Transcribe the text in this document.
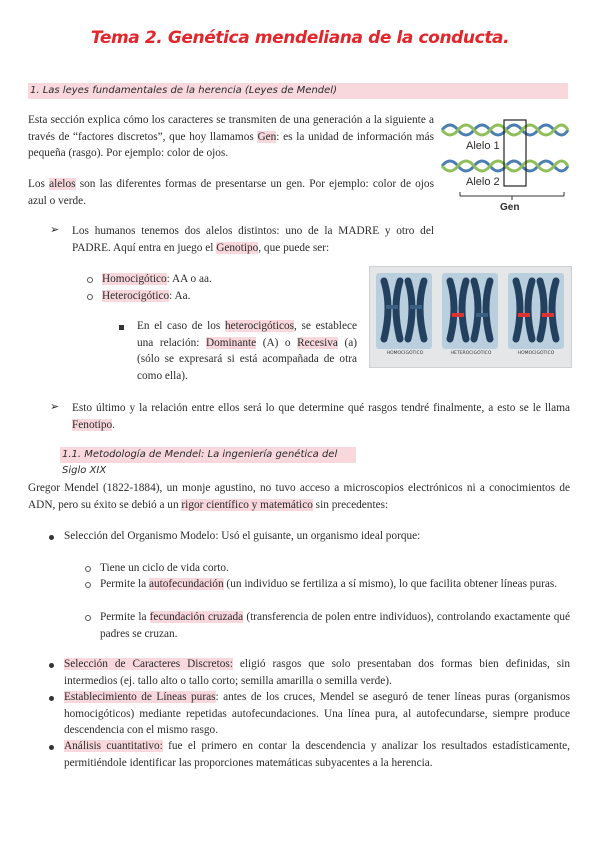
Tema 2. Genética mendeliana de la conducta.
1. Las leyes fundamentales de la herencia (Leyes de Mendel)
Esta sección explica cómo los caracteres se transmiten de una generación a la siguiente a través de “factores discretos”, que hoy llamamos Gen: es la unidad de información más pequeña (rasgo). Por ejemplo: color de ojos.
Los alelos son las diferentes formas de presentarse un gen. Por ejemplo: color de ojos azul o verde.
Alelo 1
Alelo 2
Gen
➢ Los humanos tenemos dos alelos distintos: uno de la MADRE y otro del PADRE. Aquí entra en juego el Genotipo, que puede ser:
Homocigótico: AA o aa.
Heterocigótico: Aa.
En el caso de los heterocigóticos, se establece una relación: Dominante (A) o Recesiva (a) (sólo se expresará si está acompañada de otra como ella).
HOMOCIGÓTICO	HETEROCIGÓTICO	HOMOCIGÓTICO
➢ Esto último y la relación entre ellos será lo que determine qué rasgos tendré finalmente, a esto se le llama Fenotipo.
1.1. Metodología de Mendel: La ingeniería genética del Siglo XIX
Gregor Mendel (1822-1884), un monje agustino, no tuvo acceso a microscopios electrónicos ni a conocimientos de ADN, pero su éxito se debió a un rigor científico y matemático sin precedentes:
Selección del Organismo Modelo: Usó el guisante, un organismo ideal porque:
Tiene un ciclo de vida corto.
Permite la autofecundación (un individuo se fertiliza a sí mismo), lo que facilita obtener líneas puras.
Permite la fecundación cruzada (transferencia de polen entre individuos), controlando exactamente qué padres se cruzan.
Selección de Caracteres Discretos: eligió rasgos que solo presentaban dos formas bien definidas, sin intermedios (ej. tallo alto o tallo corto; semilla amarilla o semilla verde).
Establecimiento de Líneas puras: antes de los cruces, Mendel se aseguró de tener líneas puras (organismos homocigóticos) mediante repetidas autofecundaciones. Una línea pura, al autofecundarse, siempre produce descendencia con el mismo rasgo.
Análisis cuantitativo: fue el primero en contar la descendencia y analizar los resultados estadísticamente, permitiéndole identificar las proporciones matemáticas subyacentes a la herencia.
